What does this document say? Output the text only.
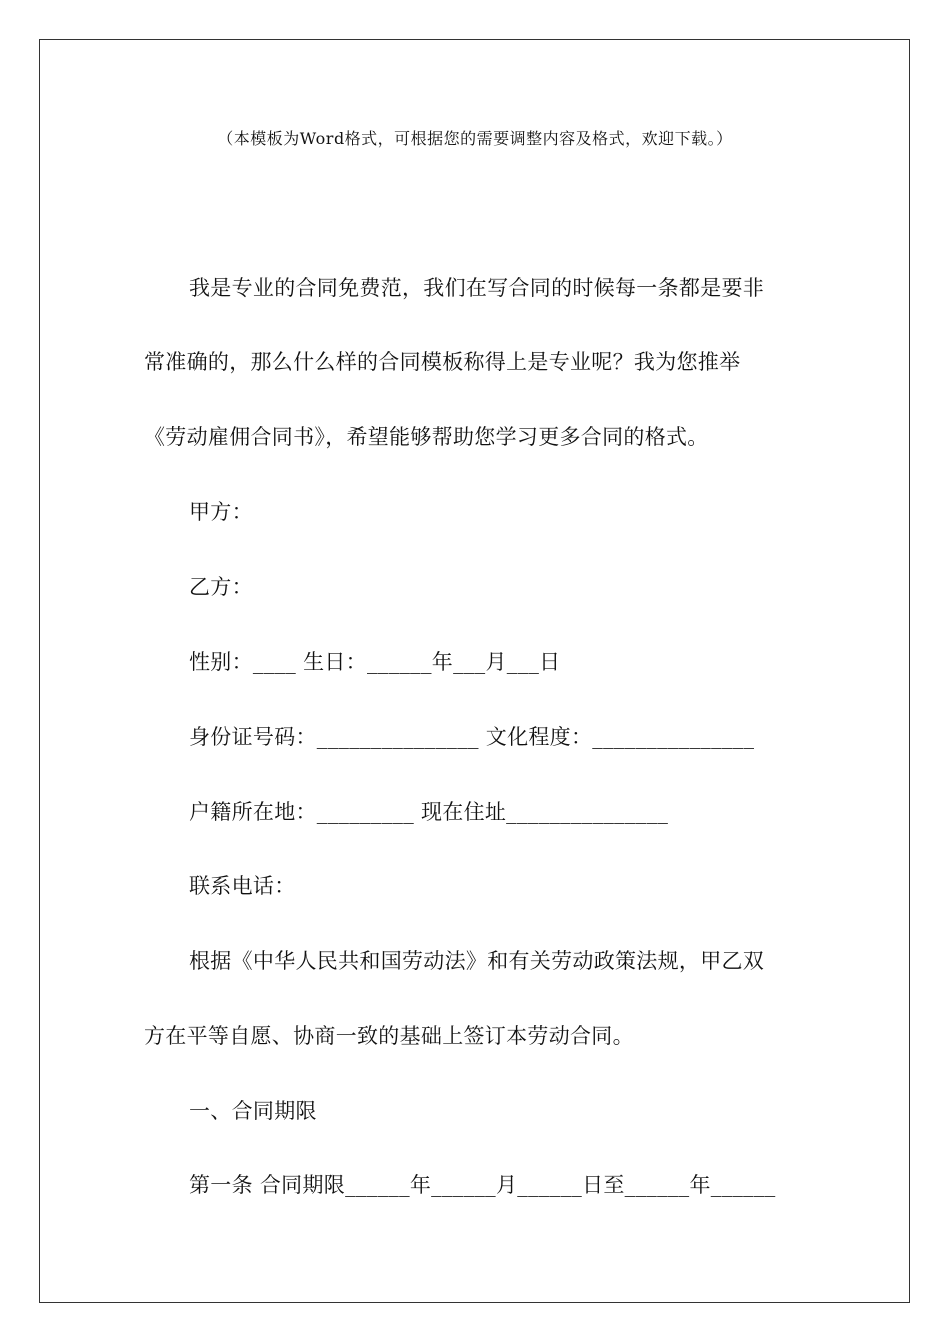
（本模板为Word格式，可根据您的需要调整内容及格式，欢迎下载。）
我是专业的合同免费范，我们在写合同的时候每一条都是要非
常准确的，那么什么样的合同模板称得上是专业呢？我为您推举
《劳动雇佣合同书》，希望能够帮助您学习更多合同的格式。
甲方：
乙方：
性别：____ 生日：______年___月___日
身份证号码：_______________ 文化程度：_______________
户籍所在地：_________ 现在住址_______________
联系电话：
根据《中华人民共和国劳动法》和有关劳动政策法规，甲乙双
方在平等自愿、协商一致的基础上签订本劳动合同。
一、合同期限
第一条 合同期限______年______月______日至______年______
